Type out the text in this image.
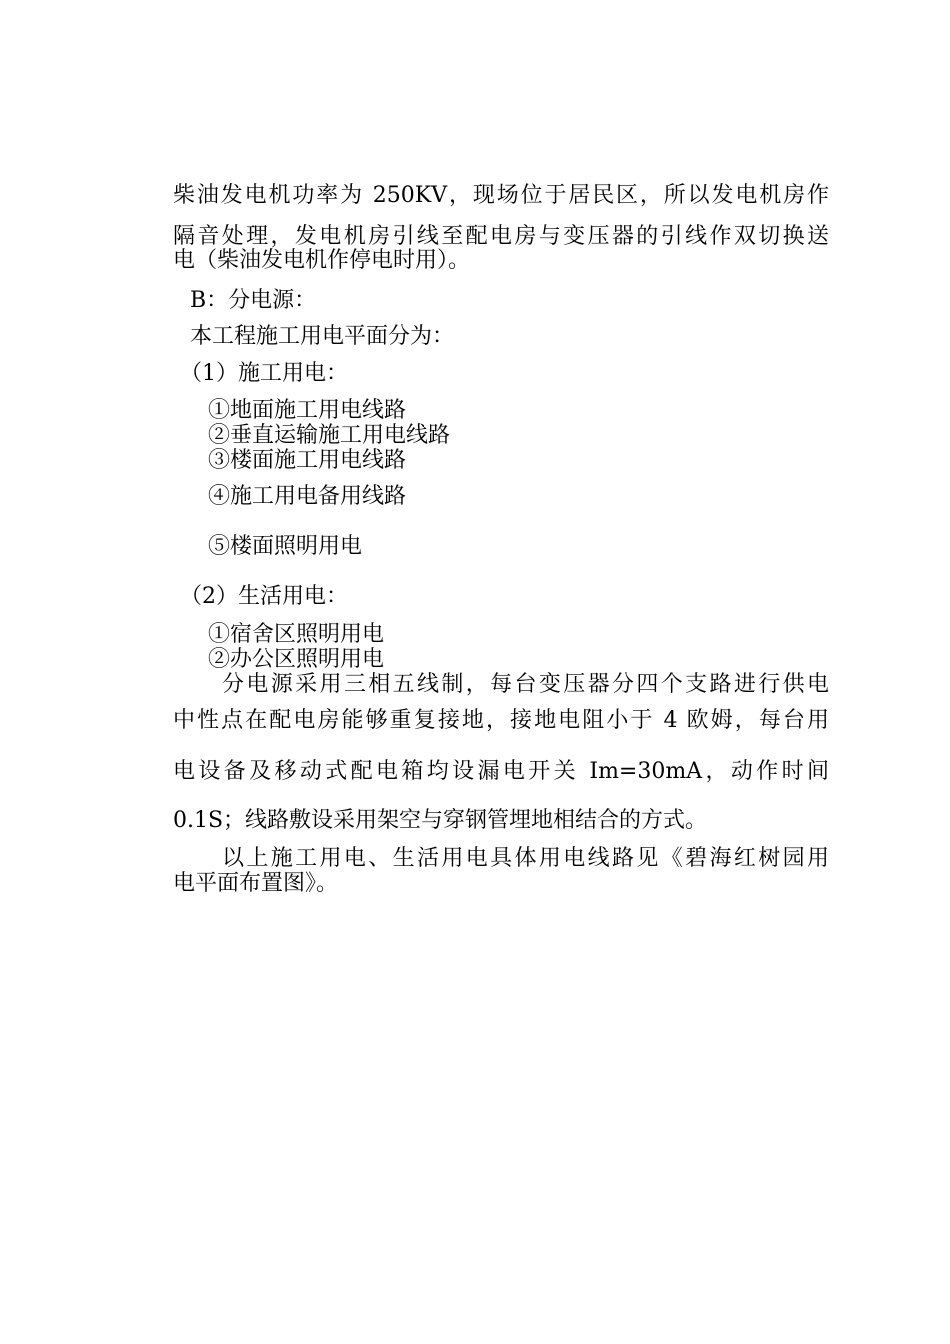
柴油发电机功率为 250KV，现场位于居民区，所以发电机房作
隔音处理，发电机房引线至配电房与变压器的引线作双切换送
电（柴油发电机作停电时用）。
B：分电源：
本工程施工用电平面分为：
（1）施工用电：
①地面施工用电线路
②垂直运输施工用电线路
③楼面施工用电线路
④施工用电备用线路
⑤楼面照明用电
（2）生活用电：
①宿舍区照明用电
②办公区照明用电
分电源采用三相五线制，每台变压器分四个支路进行供电
中性点在配电房能够重复接地，接地电阻小于 4 欧姆，每台用
电设备及移动式配电箱均设漏电开关 Im=30mA，动作时间
0.1S；线路敷设采用架空与穿钢管埋地相结合的方式。
以上施工用电、生活用电具体用电线路见《碧海红树园用
电平面布置图》。
